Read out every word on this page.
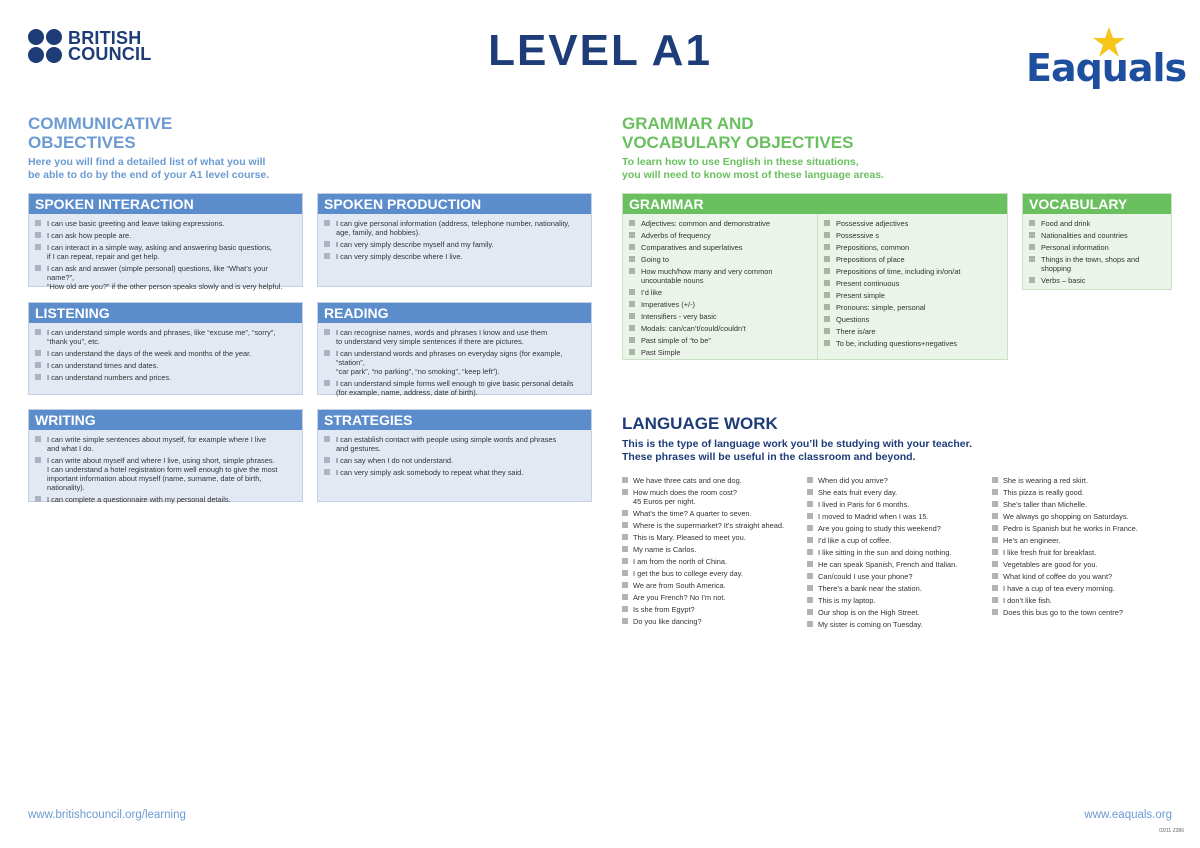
BRITISH
COUNCIL	LEVEL A1	Eaquals
COMMUNICATIVE
OBJECTIVES
Here you will find a detailed list of what you will
be able to do by the end of your A1 level course.
GRAMMAR AND
VOCABULARY OBJECTIVES
To learn how to use English in these situations,
you will need to know most of these language areas.
SPOKEN INTERACTION
I can use basic greeting and leave taking expressions.
I can ask how people are.
I can interact in a simple way, asking and answering basic questions,
if I can repeat, repair and get help.
I can ask and answer (simple personal) questions, like “What’s your name?”,
“How old are you?” if the other person speaks slowly and is very helpful.
SPOKEN PRODUCTION
I can give personal information (address, telephone number, nationality,
age, family, and hobbies).
I can very simply describe myself and my family.
I can very simply describe where I live.
LISTENING
I can understand simple words and phrases, like “excuse me”, “sorry”,
“thank you”, etc.
I can understand the days of the week and months of the year.
I can understand times and dates.
I can understand numbers and prices.
READING
I can recognise names, words and phrases I know and use them
to understand very simple sentences if there are pictures.
I can understand words and phrases on everyday signs (for example, “station”,
“car park”, “no parking”, “no smoking”, “keep left”).
I can understand simple forms well enough to give basic personal details
(for example, name, address, date of birth).
WRITING
I can write simple sentences about myself, for example where I live
and what I do.
I can write about myself and where I live, using short, simple phrases.
I can understand a hotel registration form well enough to give the most
important information about myself (name, surname, date of birth, nationality).
I can complete a questionnaire with my personal details.
STRATEGIES
I can establish contact with people using simple words and phrases
and gestures.
I can say when I do not understand.
I can very simply ask somebody to repeat what they said.
GRAMMAR
Adjectives: common and demonstrative
Adverbs of frequency
Comparatives and superlatives
Going to
How much/how many and very common
uncountable nouns
I’d like
Imperatives (+/-)
Intensifiers - very basic
Modals: can/can’t/could/couldn’t
Past simple of “to be”
Past Simple
Possessive adjectives
Possessive s
Prepositions, common
Prepositions of place
Prepositions of time, including in/on/at
Present continuous
Present simple
Pronouns: simple, personal
Questions
There is/are
To be, including questions+negatives
VOCABULARY
Food and drink
Nationalities and countries
Personal information
Things in the town, shops and
shopping
Verbs – basic
LANGUAGE WORK
This is the type of language work you’ll be studying with your teacher.
These phrases will be useful in the classroom and beyond.
We have three cats and one dog.
How much does the room cost?
45 Euros per night.
What’s the time? A quarter to seven.
Where is the supermarket? It’s straight ahead.
This is Mary. Pleased to meet you.
My name is Carlos.
I am from the north of China.
I get the bus to college every day.
We are from South America.
Are you French? No I’m not.
Is she from Egypt?
Do you like dancing?
When did you arrive?
She eats fruit every day.
I lived in Paris for 6 months.
I moved to Madrid when I was 15.
Are you going to study this weekend?
I’d like a cup of coffee.
I like sitting in the sun and doing nothing.
He can speak Spanish, French and Italian.
Can/could I use your phone?
There’s a bank near the station.
This is my laptop.
Our shop is on the High Street.
My sister is coming on Tuesday.
She is wearing a red skirt.
This pizza is really good.
She’s taller than Michelle.
We always go shopping on Saturdays.
Pedro is Spanish but he works in France.
He’s an engineer.
I like fresh fruit for breakfast.
Vegetables are good for you.
What kind of coffee do you want?
I have a cup of tea every morning.
I don’t like fish.
Does this bus go to the town centre?
www.britishcouncil.org/learning	www.eaquals.org
03/11 Z386
